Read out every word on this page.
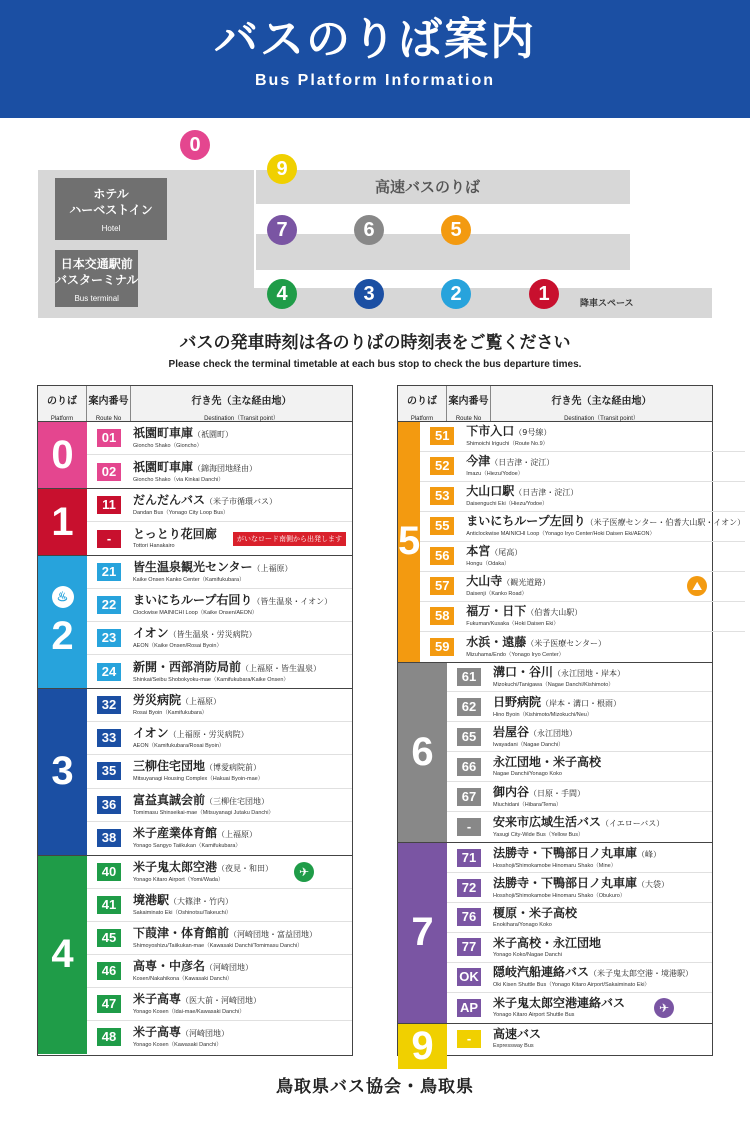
バスのりば案内
Bus Platform Information
ホテル
ハーベストイン
Hotel
日本交通駅前
バスターミナル
Bus terminal
高速バスのりば
降車スペース
0
9
7	6	5
4	3	2	1
バスの発車時刻は各のりばの時刻表をご覧ください
Please check the terminal timetable at each bus stop to check the bus departure times.
のりば
Platform
案内番号
Route No
行き先（主な経由地）
Destination（Transit point）
0	01	祇園町車庫（祇園町）
Gioncho Shako（Gioncho）
02	祇園町車庫（錦海団地経由）
Gioncho Shako（via Kinkai Danchi）
1	11	だんだんバス（米子市循環バス）
Dandan Bus（Yonago City Loop Bus）
-	とっとり花回廊
Tottori Hanakairo
がいなロード南側から出発します
♨
2
21	皆生温泉観光センター（上福原）
Kaike Onsen Kanko Center（Kamifukubara）
22	まいにちループ右回り（皆生温泉・イオン）
Clockwise MAINICHI Loop（Kaike Onsen/AEON）
23	イオン（皆生温泉・労災病院）
AEON（Kaike Onsen/Rosai Byoin）
24	新開・西部消防局前（上福原・皆生温泉）
Shinkai/Seibu Shobokyoku-mae（Kamifukubara/Kaike Onsen）
3
32	労災病院（上福原）
Rosai Byoin（Kamifukubara）
33	イオン（上福原・労災病院）
AEON（Kamifukubara/Rosai Byoin）
35	三柳住宅団地（博愛病院前）
Mitsuyanagi Housing Complex（Hakuai Byoin-mae）
36	富益真誠会前（三柳住宅団地）
Tomimasu Shinseikai-mae（Mitsuyanagi Jutaku Danchi）
38	米子産業体育館（上福原）
Yonago Sangyo Taiikukan（Kamifukubara）
4
40	米子鬼太郎空港（夜見・和田）
Yonago Kitaro Airport（Yomi/Wada）
✈
41	境港駅（大篠津・竹内）
Sakaiminato Eki（Oshinotsu/Takeuchi）
45	下葭津・体育館前（河崎団地・富益団地）
Shimoyoshizu/Taiikukan-mae（Kawasaki Danchi/Tomimasu Danchi）
46	高専・中彦名（河崎団地）
Kosen/Nakahikona（Kawasaki Danchi）
47	米子高専（医大前・河崎団地）
Yonago Kosen（Idai-mae/Kawasaki Danchi）
48	米子高専（河崎団地）
Yonago Kosen（Kawasaki Danchi）
のりば
Platform
案内番号
Route No
行き先（主な経由地）
Destination（Transit point）
5
51	下市入口（9号線）
Shimoichi Iriguchi（Route No.9）
52	今津（日吉津・淀江）
Imazu（Hiezu/Yodoe）
53	大山口駅（日吉津・淀江）
Daisenguchi Eki（Hiezu/Yodoe）
55	まいにちループ左回り（米子医療センター・伯耆大山駅・イオン）
Anticlockwise MAINICHI Loop（Yonago Iryo Center/Hoki Daisen Eki/AEON）
56	本宮（尾高）
Hongu（Odaka）
57	大山寺（観光道路）
Daisenji（Kanko Road）
⛰
58	福万・日下（伯耆大山駅）
Fukuman/Kusaka（Hoki Daisen Eki）
59	水浜・遠藤（米子医療センター）
Mizuhama/Endo（Yonago Iryo Center）
6
61	溝口・谷川（永江団地・岸本）
Mizokuchi/Tanigawa（Nagae Danchi/Kishimoto）
62	日野病院（岸本・溝口・根雨）
Hino Byoin（Kishimoto/Mizokuchi/Neu）
65	岩屋谷（永江団地）
Iwayadani（Nagae Danchi）
66	永江団地・米子高校
Nagae Danchi/Yonago Koko
67	御内谷（日原・手間）
Miuchidani（Hibara/Tema）
-	安来市広域生活バス（イエローバス）
Yasugi City-Wide Bus（Yellow Bus）
7
71	法勝寺・下鴨部日ノ丸車庫（峰）
Hosshoji/Shimokamobe Hinomaru Shako（Mine）
72	法勝寺・下鴨部日ノ丸車庫（大袋）
Hosshoji/Shimokamobe Hinomaru Shako（Obukuro）
76	榎原・米子高校
Enokihara/Yonago Koko
77	米子高校・永江団地
Yonago Koko/Nagae Danchi
OK 隠岐汽船連絡バス（米子鬼太郎空港・境港駅）
Oki Kisen Shuttle Bus（Yonago Kitaro Airport/Sakaiminato Eki）
AP 米子鬼太郎空港連絡バス
Yonago Kitaro Airport Shuttle Bus
✈
9	-	高速バス
Expressway Bus
鳥取県バス協会・鳥取県
